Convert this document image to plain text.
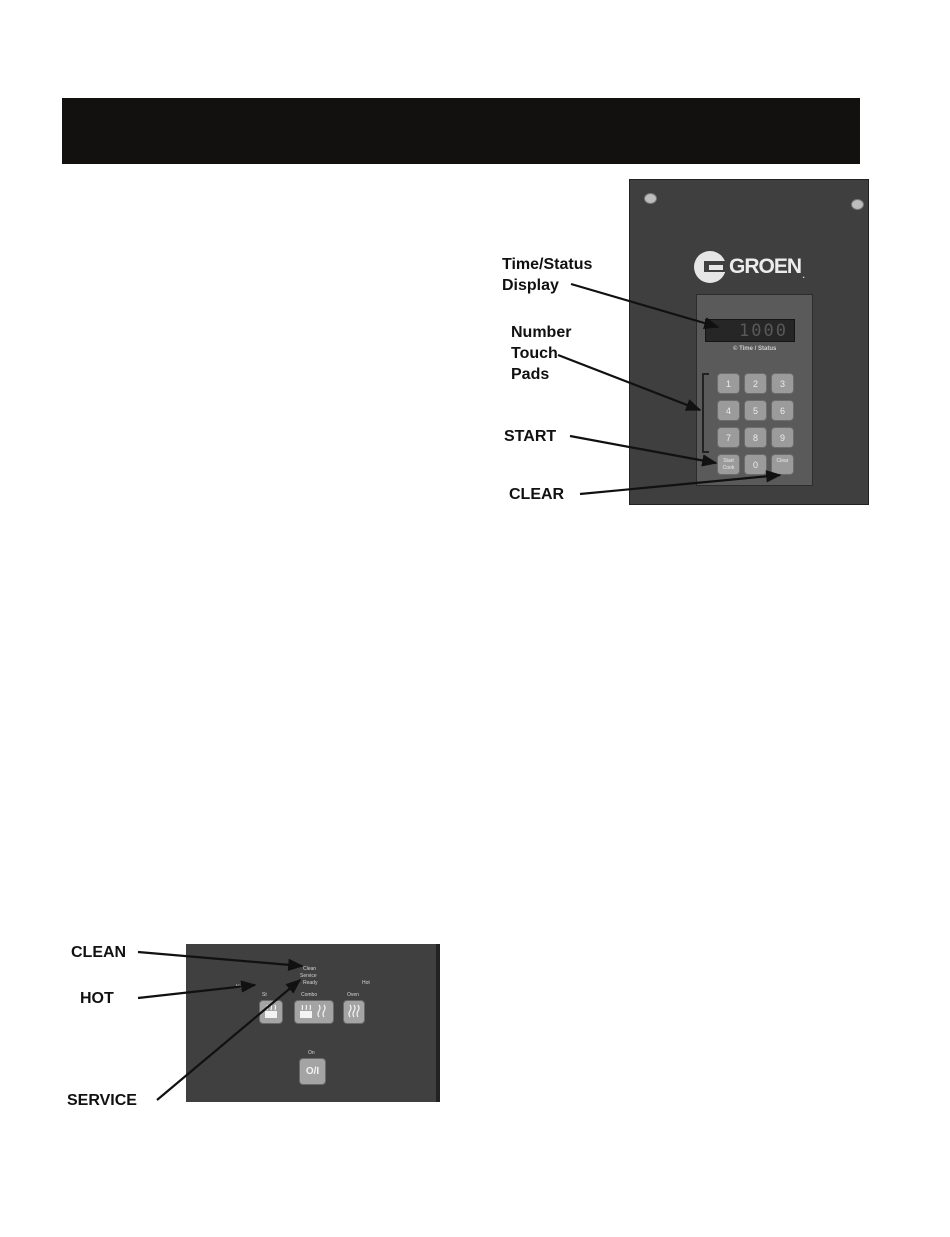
Time/Status
Display
Number
Touch
Pads
START
CLEAR
GROEN .
1000
© Time / Status
1	2	3
4	5	6
7	8	9
Start Cook	0	Clear
CLEAN
HOT
SERVICE
Clean
Service
Ready	Hot
St	Combo	Oven
On
O/I
